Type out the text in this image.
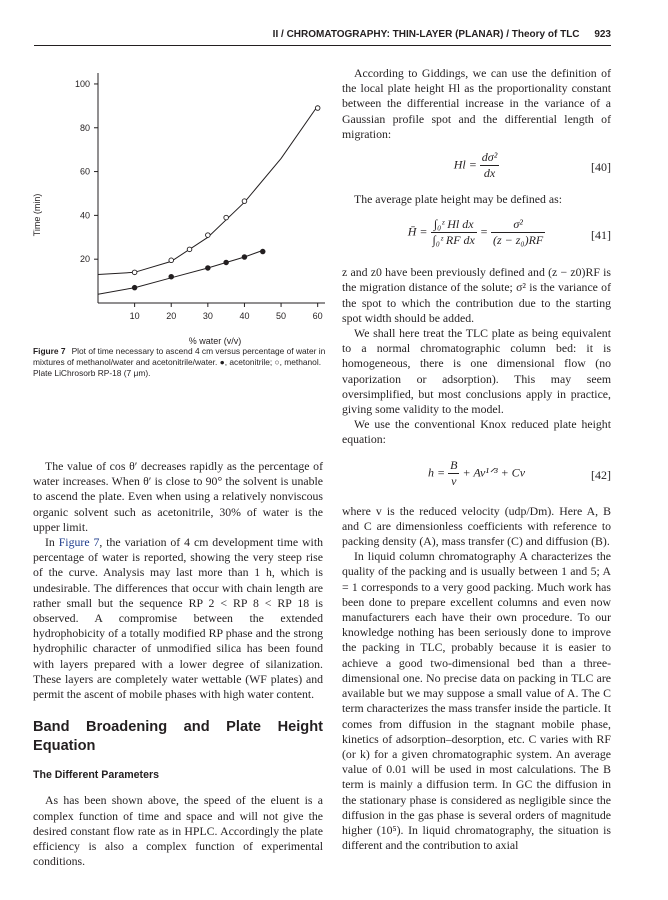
II / CHROMATOGRAPHY: THIN-LAYER (PLANAR) / Theory of TLC 923
10	20	30	40	50	60
20
40
60
80
100
% water (v/v)
Time (min)
Figure 7 Plot of time necessary to ascend 4 cm versus percentage of water in mixtures of methanol/water and acetonitrile/water. ●, acetonitrile; ○, methanol. Plate LiChrosorb RP-18 (7 μm).

The value of cos θ′ decreases rapidly as the percentage of water increases. When θ′ is close to 90° the solvent is unable to ascend the plate. Even when using a relatively nonviscous organic solvent such as acetonitrile, 30% of water is the upper limit.

In Figure 7, the variation of 4 cm development time with percentage of water is reported, showing the very steep rise of the curve. Analysis may last more than 1 h, which is undesirable. The differences that occur with chain length are rather small but the sequence RP 2 < RP 8 < RP 18 is observed. A compromise between the extended hydrophobicity of a totally modified RP phase and the strong hydrophilic character of unmodified silica has been found with layers prepared with a lower degree of silanization. These layers are completely water wettable (WF plates) and permit the ascent of mobile phases with high water content.

Band Broadening and Plate Height Equation
The Different Parameters

As has been shown above, the speed of the eluent is a complex function of time and space and will not give the desired constant flow rate as in HPLC. Accordingly the plate efficiency is also a complex function of experimental conditions.

According to Giddings, we can use the definition of the local plate height Hl as the proportionality constant between the differential increase in the variance of a Gaussian profile spot and the differential length of migration:

$Hl = \frac{\text{dσ²}}{dx}$	[40]

The average plate height may be defined as:

H̄ = $\frac{\text{∫₀ᶻ Hl dx}}{\text{∫₀ᶻ RF dx}} = \frac{\text{σ²}}{\text{(z − z₀)RF}}$	[41]

z and z0 have been previously defined and (z − z0)RF is the migration distance of the solute; σ² is the variance of the spot to which the contribution due to the starting spot width should be added.

We shall here treat the TLC plate as being equivalent to a normal chromatographic column bed: it is homogeneous, there is one dimensional flow (no vaporization or adsorption). This may seem oversimplified, but most conclusions apply in practice, giving some validity to the model.

We use the conventional Knox reduced plate height equation:

$h = \frac{B}{v}$ + Av¹ᐟ³ + Cv	[42]

where v is the reduced velocity (udp/Dm). Here A, B and C are dimensionless coefficients with reference to packing density (A), mass transfer (C) and diffusion (B).

In liquid column chromatography A characterizes the quality of the packing and is usually between 1 and 5; A = 1 corresponds to a very good packing. Much work has been done to prepare excellent columns and even now manufacturers each have their own procedure. To our knowledge nothing has been seriously done to improve the packing in TLC, probably because it is easier to achieve a good two-dimensional bed than a three-dimensional one. No precise data on packing in TLC are available but we may suppose a small value of A. The C term characterizes the mass transfer inside the particle. It comes from diffusion in the stagnant mobile phase, kinetics of adsorption–desorption, etc. C varies with RF (or k) for a given chromatographic system. An average value of 0.01 will be used in most calculations. The B term is mainly a diffusion term. In GC the diffusion in the stationary phase is considered as negligible since the diffusion in the gas phase is several orders of magnitude higher (10⁵). In liquid chromatography, the situation is different and the contribution to axial
